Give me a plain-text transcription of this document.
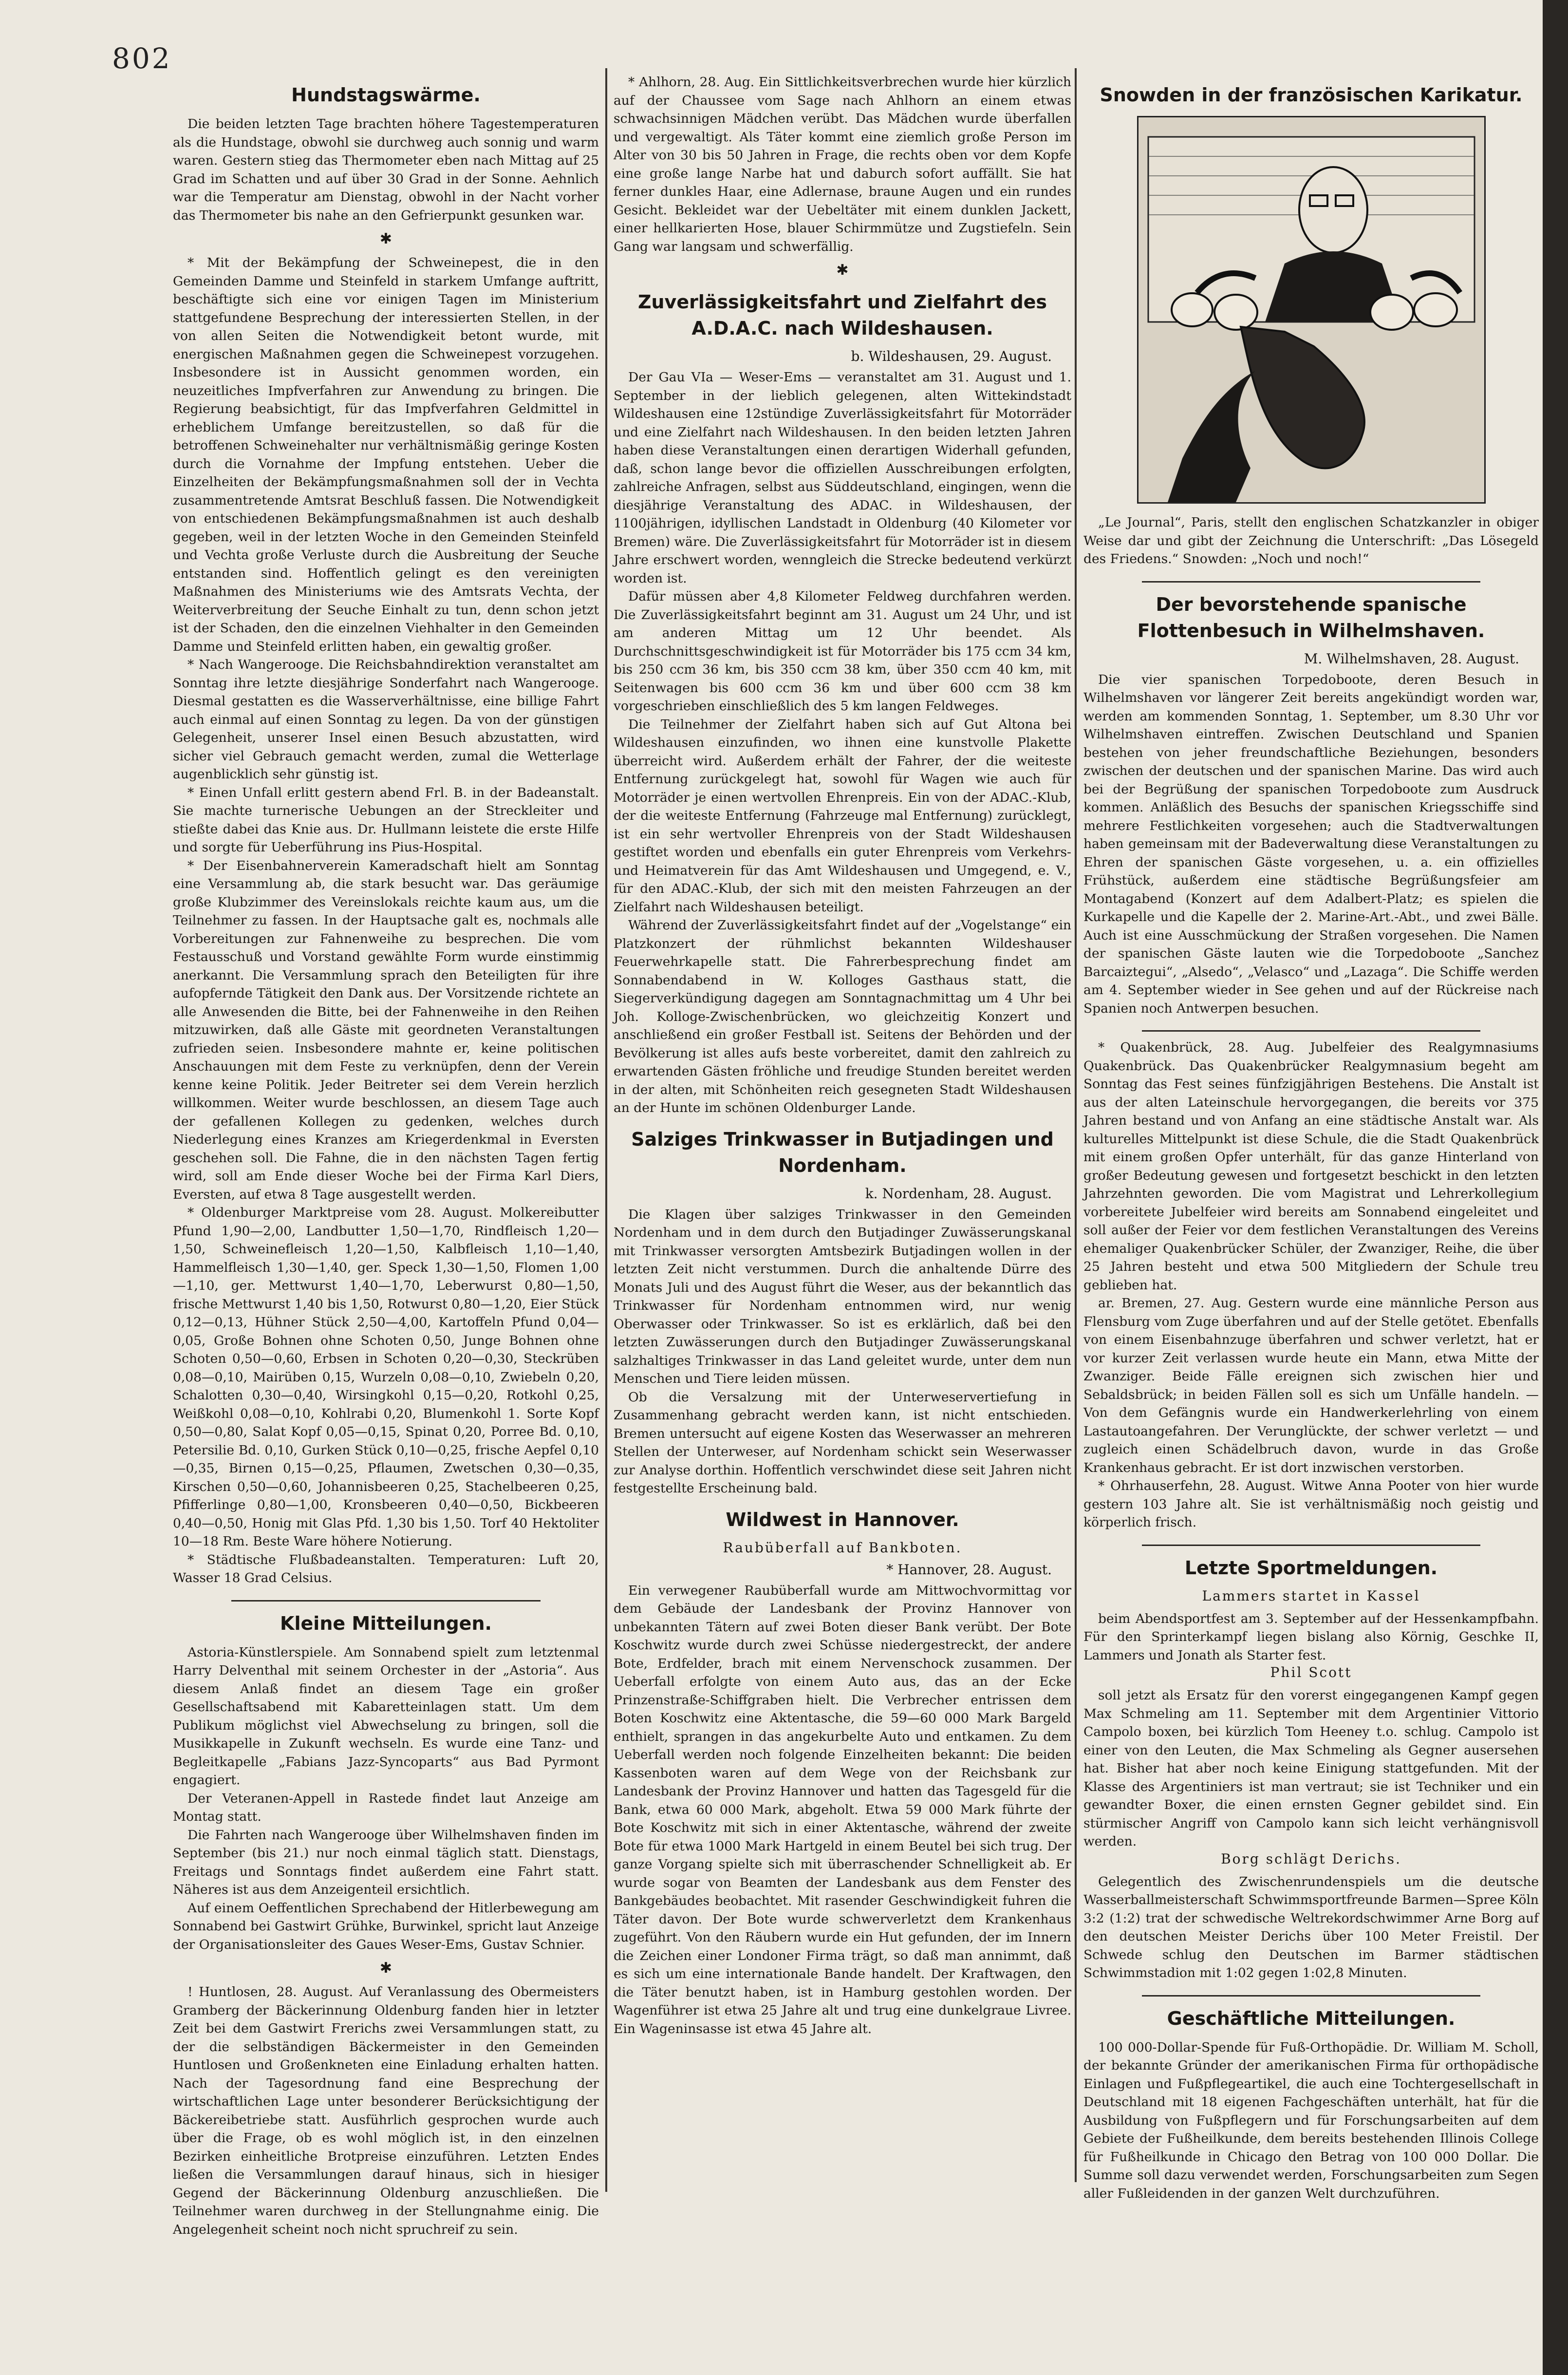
802
Hundstagswärme.

Die beiden letzten Tage brachten höhere Tagestemperaturen als die Hundstage, obwohl sie durchweg auch sonnig und warm waren. Gestern stieg das Thermometer eben nach Mittag auf 25 Grad im Schatten und auf über 30 Grad in der Sonne. Aehnlich war die Temperatur am Dienstag, obwohl in der Nacht vorher das Thermometer bis nahe an den Gefrierpunkt gesunken war.

✱

* Mit der Bekämpfung der Schweinepest, die in den Gemeinden Damme und Steinfeld in starkem Umfange auftritt, beschäftigte sich eine vor einigen Tagen im Ministerium stattgefundene Besprechung der interessierten Stellen, in der von allen Seiten die Notwendigkeit betont wurde, mit energischen Maßnahmen gegen die Schweinepest vorzugehen. Insbesondere ist in Aussicht genommen worden, ein neuzeitliches Impfverfahren zur Anwendung zu bringen. Die Regierung beabsichtigt, für das Impfverfahren Geldmittel in erheblichem Umfange bereitzustellen, so daß für die betroffenen Schweinehalter nur verhältnismäßig geringe Kosten durch die Vornahme der Impfung entstehen. Ueber die Einzelheiten der Bekämpfungsmaßnahmen soll der in Vechta zusammentretende Amtsrat Beschluß fassen. Die Notwendigkeit von entschiedenen Bekämpfungsmaßnahmen ist auch deshalb gegeben, weil in der letzten Woche in den Gemeinden Steinfeld und Vechta große Verluste durch die Ausbreitung der Seuche entstanden sind. Hoffentlich gelingt es den vereinigten Maßnahmen des Ministeriums wie des Amtsrats Vechta, der Weiterverbreitung der Seuche Einhalt zu tun, denn schon jetzt ist der Schaden, den die einzelnen Viehhalter in den Gemeinden Damme und Steinfeld erlitten haben, ein gewaltig großer.

* Nach Wangerooge. Die Reichsbahndirektion veranstaltet am Sonntag ihre letzte diesjährige Sonderfahrt nach Wangerooge. Diesmal gestatten es die Wasserverhältnisse, eine billige Fahrt auch einmal auf einen Sonntag zu legen. Da von der günstigen Gelegenheit, unserer Insel einen Besuch abzustatten, wird sicher viel Gebrauch gemacht werden, zumal die Wetterlage augenblicklich sehr günstig ist.

* Einen Unfall erlitt gestern abend Frl. B. in der Badeanstalt. Sie machte turnerische Uebungen an der Streckleiter und stießte dabei das Knie aus. Dr. Hullmann leistete die erste Hilfe und sorgte für Ueberführung ins Pius-Hospital.

* Der Eisenbahnerverein Kameradschaft hielt am Sonntag eine Versammlung ab, die stark besucht war. Das geräumige große Klubzimmer des Vereinslokals reichte kaum aus, um die Teilnehmer zu fassen. In der Hauptsache galt es, nochmals alle Vorbereitungen zur Fahnenweihe zu besprechen. Die vom Festausschuß und Vorstand gewählte Form wurde einstimmig anerkannt. Die Versammlung sprach den Beteiligten für ihre aufopfernde Tätigkeit den Dank aus. Der Vorsitzende richtete an alle Anwesenden die Bitte, bei der Fahnenweihe in den Reihen mitzuwirken, daß alle Gäste mit geordneten Veranstaltungen zufrieden seien. Insbesondere mahnte er, keine politischen Anschauungen mit dem Feste zu verknüpfen, denn der Verein kenne keine Politik. Jeder Beitreter sei dem Verein herzlich willkommen. Weiter wurde beschlossen, an diesem Tage auch der gefallenen Kollegen zu gedenken, welches durch Niederlegung eines Kranzes am Kriegerdenkmal in Eversten geschehen soll. Die Fahne, die in den nächsten Tagen fertig wird, soll am Ende dieser Woche bei der Firma Karl Diers, Eversten, auf etwa 8 Tage ausgestellt werden.

* Oldenburger Marktpreise vom 28. August. Molkereibutter Pfund 1,90—2,00, Landbutter 1,50—1,70, Rindfleisch 1,20—1,50, Schweinefleisch 1,20—1,50, Kalbfleisch 1,10—1,40, Hammelfleisch 1,30—1,40, ger. Speck 1,30—1,50, Flomen 1,00—1,10, ger. Mettwurst 1,40—1,70, Leberwurst 0,80—1,50, frische Mettwurst 1,40 bis 1,50, Rotwurst 0,80—1,20, Eier Stück 0,12—0,13, Hühner Stück 2,50—4,00, Kartoffeln Pfund 0,04—0,05, Große Bohnen ohne Schoten 0,50, Junge Bohnen ohne Schoten 0,50—0,60, Erbsen in Schoten 0,20—0,30, Steckrüben 0,08—0,10, Mairüben 0,15, Wurzeln 0,08—0,10, Zwiebeln 0,20, Schalotten 0,30—0,40, Wirsingkohl 0,15—0,20, Rotkohl 0,25, Weißkohl 0,08—0,10, Kohlrabi 0,20, Blumenkohl 1. Sorte Kopf 0,50—0,80, Salat Kopf 0,05—0,15, Spinat 0,20, Porree Bd. 0,10, Petersilie Bd. 0,10, Gurken Stück 0,10—0,25, frische Aepfel 0,10—0,35, Birnen 0,15—0,25, Pflaumen, Zwetschen 0,30—0,35, Kirschen 0,50—0,60, Johannisbeeren 0,25, Stachelbeeren 0,25, Pfifferlinge 0,80—1,00, Kronsbeeren 0,40—0,50, Bickbeeren 0,40—0,50, Honig mit Glas Pfd. 1,30 bis 1,50. Torf 40 Hektoliter 10—18 Rm. Beste Ware höhere Notierung.

* Städtische Flußbadeanstalten. Temperaturen: Luft 20, Wasser 18 Grad Celsius.

Kleine Mitteilungen.

Astoria-Künstlerspiele. Am Sonnabend spielt zum letztenmal Harry Delventhal mit seinem Orchester in der „Astoria“. Aus diesem Anlaß findet an diesem Tage ein großer Gesellschaftsabend mit Kabaretteinlagen statt. Um dem Publikum möglichst viel Abwechselung zu bringen, soll die Musikkapelle in Zukunft wechseln. Es wurde eine Tanz- und Begleitkapelle „Fabians Jazz-Syncoparts“ aus Bad Pyrmont engagiert.

Der Veteranen-Appell in Rastede findet laut Anzeige am Montag statt.

Die Fahrten nach Wangerooge über Wilhelmshaven finden im September (bis 21.) nur noch einmal täglich statt. Dienstags, Freitags und Sonntags findet außerdem eine Fahrt statt. Näheres ist aus dem Anzeigenteil ersichtlich.

Auf einem Oeffentlichen Sprechabend der Hitlerbewegung am Sonnabend bei Gastwirt Grühke, Burwinkel, spricht laut Anzeige der Organisationsleiter des Gaues Weser-Ems, Gustav Schnier.

✱

! Huntlosen, 28. August. Auf Veranlassung des Obermeisters Gramberg der Bäckerinnung Oldenburg fanden hier in letzter Zeit bei dem Gastwirt Frerichs zwei Versammlungen statt, zu der die selbständigen Bäckermeister in den Gemeinden Huntlosen und Großenkneten eine Einladung erhalten hatten. Nach der Tagesordnung fand eine Besprechung der wirtschaftlichen Lage unter besonderer Berücksichtigung der Bäckereibetriebe statt. Ausführlich gesprochen wurde auch über die Frage, ob es wohl möglich ist, in den einzelnen Bezirken einheitliche Brotpreise einzuführen. Letzten Endes ließen die Versammlungen darauf hinaus, sich in hiesiger Gegend der Bäckerinnung Oldenburg anzuschließen. Die Teilnehmer waren durchweg in der Stellungnahme einig. Die Angelegenheit scheint noch nicht spruchreif zu sein.

* Ahlhorn, 28. Aug. Ein Sittlichkeitsverbrechen wurde hier kürzlich auf der Chaussee vom Sage nach Ahlhorn an einem etwas schwachsinnigen Mädchen verübt. Das Mädchen wurde überfallen und vergewaltigt. Als Täter kommt eine ziemlich große Person im Alter von 30 bis 50 Jahren in Frage, die rechts oben vor dem Kopfe eine große lange Narbe hat und daburch sofort auffällt. Sie hat ferner dunkles Haar, eine Adlernase, braune Augen und ein rundes Gesicht. Bekleidet war der Uebeltäter mit einem dunklen Jackett, einer hellkarierten Hose, blauer Schirmmütze und Zugstiefeln. Sein Gang war langsam und schwerfällig.

✱
Zuverlässigkeitsfahrt und Zielfahrt des A.D.A.C. nach Wildeshausen.
b. Wildeshausen, 29. August.

Der Gau VIa — Weser-Ems — veranstaltet am 31. August und 1. September in der lieblich gelegenen, alten Wittekindstadt Wildeshausen eine 12stündige Zuverlässigkeitsfahrt für Motorräder und eine Zielfahrt nach Wildeshausen. In den beiden letzten Jahren haben diese Veranstaltungen einen derartigen Widerhall gefunden, daß, schon lange bevor die offiziellen Ausschreibungen erfolgten, zahlreiche Anfragen, selbst aus Süddeutschland, eingingen, wenn die diesjährige Veranstaltung des ADAC. in Wildeshausen, der 1100jährigen, idyllischen Landstadt in Oldenburg (40 Kilometer vor Bremen) wäre. Die Zuverlässigkeitsfahrt für Motorräder ist in diesem Jahre erschwert worden, wenngleich die Strecke bedeutend verkürzt worden ist.

Dafür müssen aber 4,8 Kilometer Feldweg durchfahren werden. Die Zuverlässigkeitsfahrt beginnt am 31. August um 24 Uhr, und ist am anderen Mittag um 12 Uhr beendet. Als Durchschnittsgeschwindigkeit ist für Motorräder bis 175 ccm 34 km, bis 250 ccm 36 km, bis 350 ccm 38 km, über 350 ccm 40 km, mit Seitenwagen bis 600 ccm 36 km und über 600 ccm 38 km vorgeschrieben einschließlich des 5 km langen Feldweges.

Die Teilnehmer der Zielfahrt haben sich auf Gut Altona bei Wildeshausen einzufinden, wo ihnen eine kunstvolle Plakette überreicht wird. Außerdem erhält der Fahrer, der die weiteste Entfernung zurückgelegt hat, sowohl für Wagen wie auch für Motorräder je einen wertvollen Ehrenpreis. Ein von der ADAC.-Klub, der die weiteste Entfernung (Fahrzeuge mal Entfernung) zurücklegt, ist ein sehr wertvoller Ehrenpreis von der Stadt Wildeshausen gestiftet worden und ebenfalls ein guter Ehrenpreis vom Verkehrs- und Heimatverein für das Amt Wildeshausen und Umgegend, e. V., für den ADAC.-Klub, der sich mit den meisten Fahrzeugen an der Zielfahrt nach Wildeshausen beteiligt.

Während der Zuverlässigkeitsfahrt findet auf der „Vogelstange“ ein Platzkonzert der rühmlichst bekannten Wildeshauser Feuerwehrkapelle statt. Die Fahrerbesprechung findet am Sonnabendabend in W. Kolloges Gasthaus statt, die Siegerverkündigung dagegen am Sonntagnachmittag um 4 Uhr bei Joh. Kolloge-Zwischenbrücken, wo gleichzeitig Konzert und anschließend ein großer Festball ist. Seitens der Behörden und der Bevölkerung ist alles aufs beste vorbereitet, damit den zahlreich zu erwartenden Gästen fröhliche und freudige Stunden bereitet werden in der alten, mit Schönheiten reich gesegneten Stadt Wildeshausen an der Hunte im schönen Oldenburger Lande.

Salziges Trinkwasser in Butjadingen und Nordenham.
k. Nordenham, 28. August.

Die Klagen über salziges Trinkwasser in den Gemeinden Nordenham und in dem durch den Butjadinger Zuwässerungskanal mit Trinkwasser versorgten Amtsbezirk Butjadingen wollen in der letzten Zeit nicht verstummen. Durch die anhaltende Dürre des Monats Juli und des August führt die Weser, aus der bekanntlich das Trinkwasser für Nordenham entnommen wird, nur wenig Oberwasser oder Trinkwasser. So ist es erklärlich, daß bei den letzten Zuwässerungen durch den Butjadinger Zuwässerungskanal salzhaltiges Trinkwasser in das Land geleitet wurde, unter dem nun Menschen und Tiere leiden müssen.

Ob die Versalzung mit der Unterweservertiefung in Zusammenhang gebracht werden kann, ist nicht entschieden. Bremen untersucht auf eigene Kosten das Weserwasser an mehreren Stellen der Unterweser, auf Nordenham schickt sein Weserwasser zur Analyse dorthin. Hoffentlich verschwindet diese seit Jahren nicht festgestellte Erscheinung bald.

Wildwest in Hannover.
Raubüberfall auf Bankboten.
* Hannover, 28. August.

Ein verwegener Raubüberfall wurde am Mittwochvormittag vor dem Gebäude der Landesbank der Provinz Hannover von unbekannten Tätern auf zwei Boten dieser Bank verübt. Der Bote Koschwitz wurde durch zwei Schüsse niedergestreckt, der andere Bote, Erdfelder, brach mit einem Nervenschock zusammen. Der Ueberfall erfolgte von einem Auto aus, das an der Ecke Prinzenstraße-Schiffgraben hielt. Die Verbrecher entrissen dem Boten Koschwitz eine Aktentasche, die 59—60 000 Mark Bargeld enthielt, sprangen in das angekurbelte Auto und entkamen. Zu dem Ueberfall werden noch folgende Einzelheiten bekannt: Die beiden Kassenboten waren auf dem Wege von der Reichsbank zur Landesbank der Provinz Hannover und hatten das Tagesgeld für die Bank, etwa 60 000 Mark, abgeholt. Etwa 59 000 Mark führte der Bote Koschwitz mit sich in einer Aktentasche, während der zweite Bote für etwa 1000 Mark Hartgeld in einem Beutel bei sich trug. Der ganze Vorgang spielte sich mit überraschender Schnelligkeit ab. Er wurde sogar von Beamten der Landesbank aus dem Fenster des Bankgebäudes beobachtet. Mit rasender Geschwindigkeit fuhren die Täter davon. Der Bote wurde schwerverletzt dem Krankenhaus zugeführt. Von den Räubern wurde ein Hut gefunden, der im Innern die Zeichen einer Londoner Firma trägt, so daß man annimmt, daß es sich um eine internationale Bande handelt. Der Kraftwagen, den die Täter benutzt haben, ist in Hamburg gestohlen worden. Der Wagenführer ist etwa 25 Jahre alt und trug eine dunkelgraue Livree. Ein Wageninsasse ist etwa 45 Jahre alt.

Snowden in der französischen Karikatur.

„Le Journal“, Paris, stellt den englischen Schatzkanzler in obiger Weise dar und gibt der Zeichnung die Unterschrift: „Das Lösegeld des Friedens.“ Snowden: „Noch und noch!“

Der bevorstehende spanische Flottenbesuch in Wilhelmshaven.
M. Wilhelmshaven, 28. August.

Die vier spanischen Torpedoboote, deren Besuch in Wilhelmshaven vor längerer Zeit bereits angekündigt worden war, werden am kommenden Sonntag, 1. September, um 8.30 Uhr vor Wilhelmshaven eintreffen. Zwischen Deutschland und Spanien bestehen von jeher freundschaftliche Beziehungen, besonders zwischen der deutschen und der spanischen Marine. Das wird auch bei der Begrüßung der spanischen Torpedoboote zum Ausdruck kommen. Anläßlich des Besuchs der spanischen Kriegsschiffe sind mehrere Festlichkeiten vorgesehen; auch die Stadtverwaltungen haben gemeinsam mit der Badeverwaltung diese Veranstaltungen zu Ehren der spanischen Gäste vorgesehen, u. a. ein offizielles Frühstück, außerdem eine städtische Begrüßungsfeier am Montagabend (Konzert auf dem Adalbert-Platz; es spielen die Kurkapelle und die Kapelle der 2. Marine-Art.-Abt., und zwei Bälle. Auch ist eine Ausschmückung der Straßen vorgesehen. Die Namen der spanischen Gäste lauten wie die Torpedoboote „Sanchez Barcaiztegui“, „Alsedo“, „Velasco“ und „Lazaga“. Die Schiffe werden am 4. September wieder in See gehen und auf der Rückreise nach Spanien noch Antwerpen besuchen.

* Quakenbrück, 28. Aug. Jubelfeier des Realgymnasiums Quakenbrück. Das Quakenbrücker Realgymnasium begeht am Sonntag das Fest seines fünfzigjährigen Bestehens. Die Anstalt ist aus der alten Lateinschule hervorgegangen, die bereits vor 375 Jahren bestand und von Anfang an eine städtische Anstalt war. Als kulturelles Mittelpunkt ist diese Schule, die die Stadt Quakenbrück mit einem großen Opfer unterhält, für das ganze Hinterland von großer Bedeutung gewesen und fortgesetzt beschickt in den letzten Jahrzehnten geworden. Die vom Magistrat und Lehrerkollegium vorbereitete Jubelfeier wird bereits am Sonnabend eingeleitet und soll außer der Feier vor dem festlichen Veranstaltungen des Vereins ehemaliger Quakenbrücker Schüler, der Zwanziger, Reihe, die über 25 Jahren besteht und etwa 500 Mitgliedern der Schule treu geblieben hat.

ar. Bremen, 27. Aug. Gestern wurde eine männliche Person aus Flensburg vom Zuge überfahren und auf der Stelle getötet. Ebenfalls von einem Eisenbahnzuge überfahren und schwer verletzt, hat er vor kurzer Zeit verlassen wurde heute ein Mann, etwa Mitte der Zwanziger. Beide Fälle ereignen sich zwischen hier und Sebaldsbrück; in beiden Fällen soll es sich um Unfälle handeln. — Von dem Gefängnis wurde ein Handwerkerlehrling von einem Lastautoangefahren. Der Verunglückte, der schwer verletzt — und zugleich einen Schädelbruch davon, wurde in das Große Krankenhaus gebracht. Er ist dort inzwischen verstorben.

* Ohrhauserfehn, 28. August. Witwe Anna Pooter von hier wurde gestern 103 Jahre alt. Sie ist verhältnismäßig noch geistig und körperlich frisch.

Letzte Sportmeldungen.
Lammers startet in Kassel

beim Abendsportfest am 3. September auf der Hessenkampfbahn. Für den Sprinterkampf liegen bislang also Körnig, Geschke II, Lammers und Jonath als Starter fest.

Phil Scott

soll jetzt als Ersatz für den vorerst eingegangenen Kampf gegen Max Schmeling am 11. September mit dem Argentinier Vittorio Campolo boxen, bei kürzlich Tom Heeney t.o. schlug. Campolo ist einer von den Leuten, die Max Schmeling als Gegner ausersehen hat. Bisher hat aber noch keine Einigung stattgefunden. Mit der Klasse des Argentiniers ist man vertraut; sie ist Techniker und ein gewandter Boxer, die einen ernsten Gegner gebildet sind. Ein stürmischer Angriff von Campolo kann sich leicht verhängnisvoll werden.

Borg schlägt Derichs.

Gelegentlich des Zwischenrundenspiels um die deutsche Wasserballmeisterschaft Schwimmsportfreunde Barmen—Spree Köln 3:2 (1:2) trat der schwedische Weltrekordschwimmer Arne Borg auf den deutschen Meister Derichs über 100 Meter Freistil. Der Schwede schlug den Deutschen im Barmer städtischen Schwimmstadion mit 1:02 gegen 1:02,8 Minuten.

Geschäftliche Mitteilungen.

100 000-Dollar-Spende für Fuß-Orthopädie. Dr. William M. Scholl, der bekannte Gründer der amerikanischen Firma für orthopädische Einlagen und Fußpflegeartikel, die auch eine Tochtergesellschaft in Deutschland mit 18 eigenen Fachgeschäften unterhält, hat für die Ausbildung von Fußpflegern und für Forschungsarbeiten auf dem Gebiete der Fußheilkunde, dem bereits bestehenden Illinois College für Fußheilkunde in Chicago den Betrag von 100 000 Dollar. Die Summe soll dazu verwendet werden, Forschungsarbeiten zum Segen aller Fußleidenden in der ganzen Welt durchzuführen.
